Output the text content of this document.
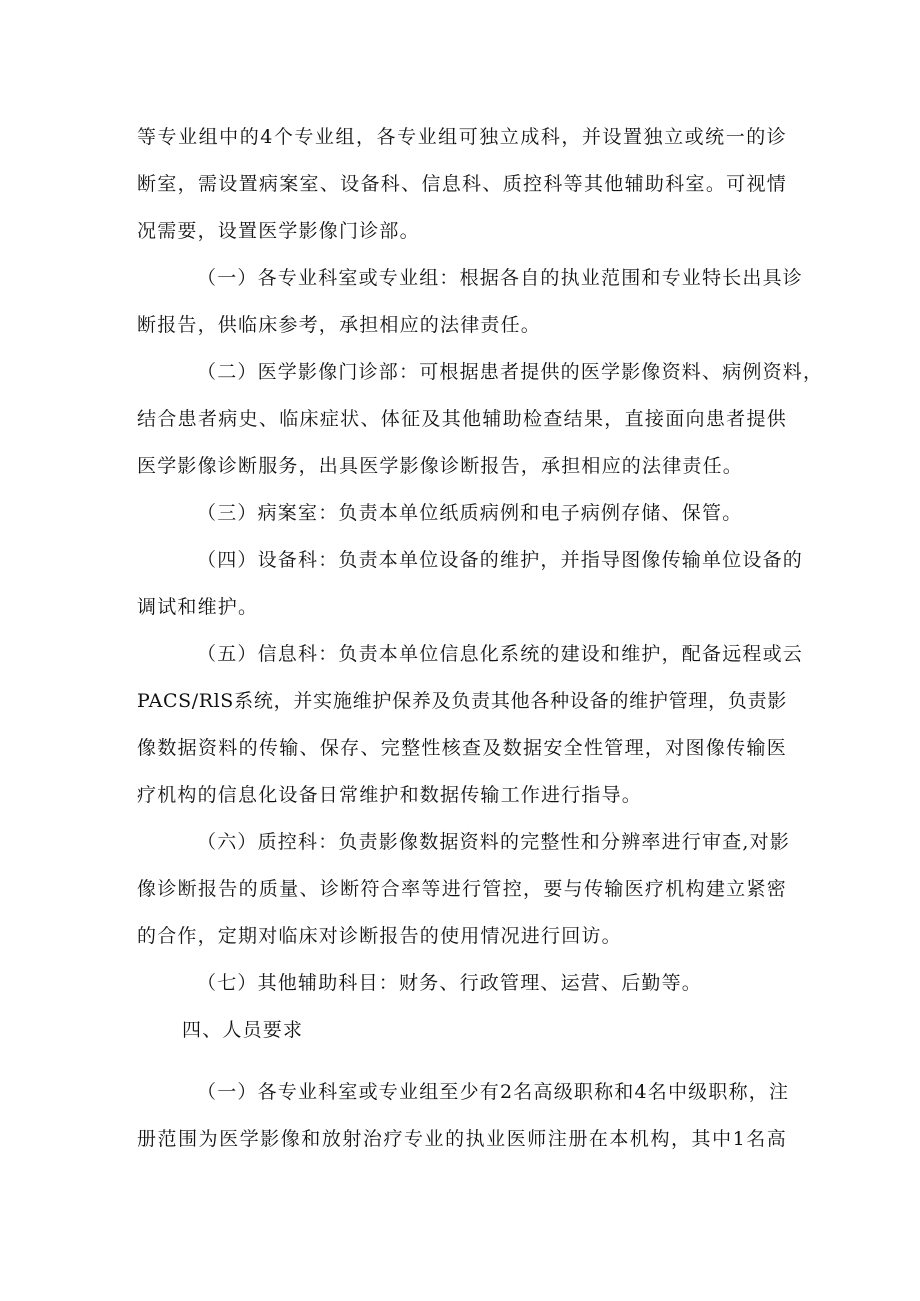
等专业组中的4个专业组，各专业组可独立成科，并设置独立或统一的诊
断室，需设置病案室、设备科、信息科、质控科等其他辅助科室。可视情
况需要，设置医学影像门诊部。
（一）各专业科室或专业组：根据各自的执业范围和专业特长出具诊
断报告，供临床参考，承担相应的法律责任。
（二）医学影像门诊部：可根据患者提供的医学影像资料、病例资料，
结合患者病史、临床症状、体征及其他辅助检查结果，直接面向患者提供
医学影像诊断服务，出具医学影像诊断报告，承担相应的法律责任。
（三）病案室：负责本单位纸质病例和电子病例存储、保管。
（四）设备科：负责本单位设备的维护，并指导图像传输单位设备的
调试和维护。
（五）信息科：负责本单位信息化系统的建设和维护，配备远程或云
PACS/RlS系统，并实施维护保养及负责其他各种设备的维护管理，负责影
像数据资料的传输、保存、完整性核查及数据安全性管理，对图像传输医
疗机构的信息化设备日常维护和数据传输工作进行指导。
（六）质控科：负责影像数据资料的完整性和分辨率进行审查,对影
像诊断报告的质量、诊断符合率等进行管控，要与传输医疗机构建立紧密
的合作，定期对临床对诊断报告的使用情况进行回访。
（七）其他辅助科目：财务、行政管理、运营、后勤等。
四、人员要求
（一）各专业科室或专业组至少有2名高级职称和4名中级职称，注
册范围为医学影像和放射治疗专业的执业医师注册在本机构，其中1名高
